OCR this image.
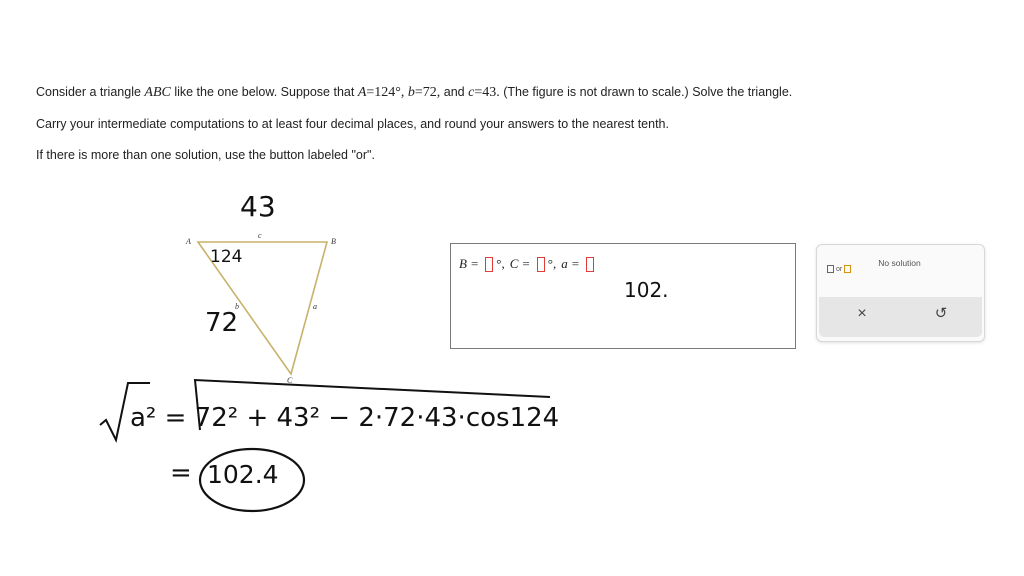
Consider a triangle ABC like the one below. Suppose that A=124°, b=72, and c=43. (The figure is not drawn to scale.) Solve the triangle.
Carry your intermediate computations to at least four decimal places, and round your answers to the nearest tenth.
If there is more than one solution, use the button labeled "or".
A	B
C
c
b	a
B = °, C = °, a =	or
No solution
×	↺
43
124
72
102.
a² = 72² + 43² − 2·72·43·cos124
= 102.4
